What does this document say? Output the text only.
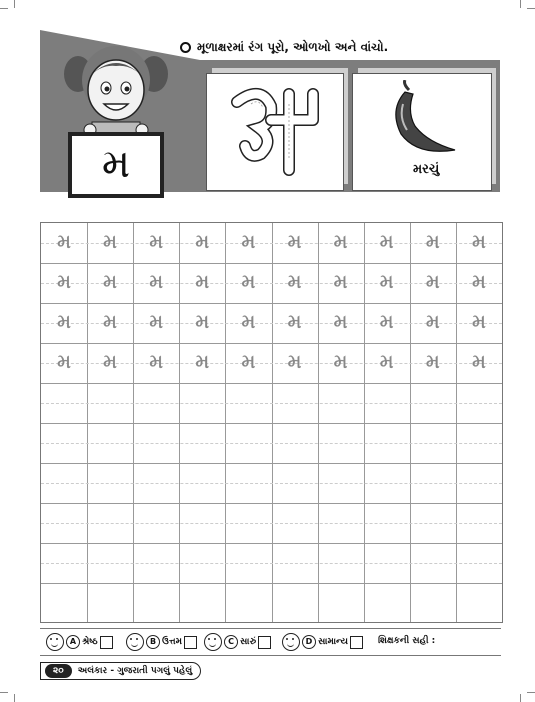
મૂળાક્ષરમાં રંગ પૂરો, ઓળખો અને વાંચો.
મ	મરચું
મૂળાક્ષરને ઓળખો, વાંચો અને લખો.
મ	મ	મ	મ	મ	મ	મ	મ	મ	મ
મ	મ	મ	મ	મ	મ	મ	મ	મ	મ
મ	મ	મ	મ	મ	મ	મ	મ	મ	મ
મ	મ	મ	મ	મ	મ	મ	મ	મ	મ
A શ્રેષ્ઠ	B ઉત્તમ	C સારું	D સામાન્ય	શિક્ષકની સહી :
૨૦	અલંકાર - ગુજરાતી પગલું પહેલું
